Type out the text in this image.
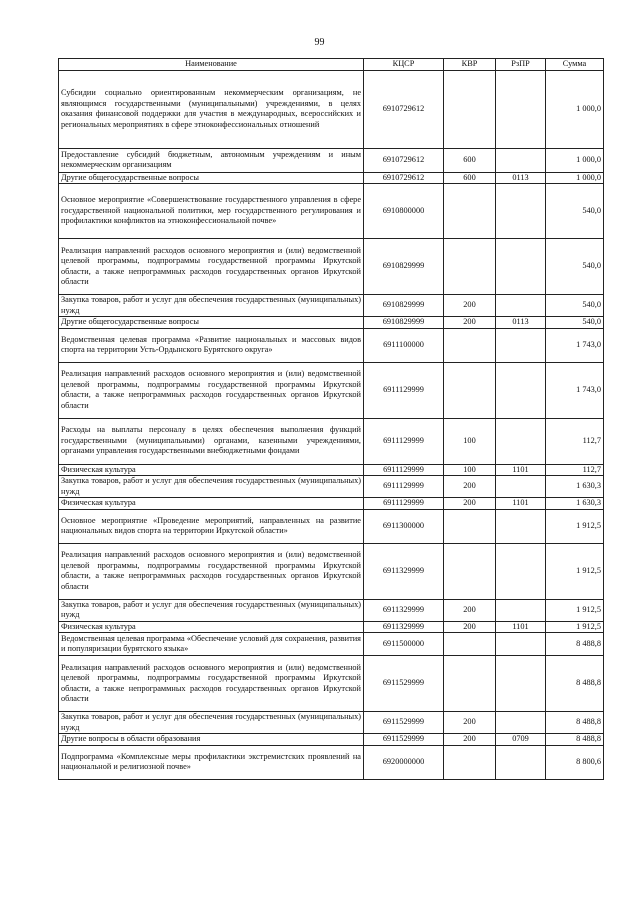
99
Наименование	КЦСР	КВР	РзПР	Сумма
Субсидии социально ориентированным некоммерческим организациям, не являющимся государственными (муниципальными) учреждениями, в целях оказания финансовой поддержки для участия в международных, всероссийских и региональных мероприятиях в сфере этноконфессиональных отношений	6910729612			1 000,0
Предоставление субсидий бюджетным, автономным учреждениям и иным некоммерческим организациям	6910729612	600		1 000,0
Другие общегосударственные вопросы	6910729612	600	0113	1 000,0
Основное мероприятие «Совершенствование государственного управления в сфере государственной национальной политики, мер государственного регулирования и профилактики конфликтов на этноконфессиональной почве»	6910800000			540,0
Реализация направлений расходов основного мероприятия и (или) ведомственной целевой программы, подпрограммы государственной программы Иркутской области, а также непрограммных расходов государственных органов Иркутской области	6910829999			540,0
Закупка товаров, работ и услуг для обеспечения государственных (муниципальных) нужд	6910829999	200		540,0
Другие общегосударственные вопросы	6910829999	200	0113	540,0
Ведомственная целевая программа «Развитие национальных и массовых видов спорта на территории Усть-Ордынского Бурятского округа»	6911100000			1 743,0
Реализация направлений расходов основного мероприятия и (или) ведомственной целевой программы, подпрограммы государственной программы Иркутской области, а также непрограммных расходов государственных органов Иркутской области	6911129999			1 743,0
Расходы на выплаты персоналу в целях обеспечения выполнения функций государственными (муниципальными) органами, казенными учреждениями, органами управления государственными внебюджетными фондами	6911129999	100		112,7
Физическая культура	6911129999	100	1101	112,7
Закупка товаров, работ и услуг для обеспечения государственных (муниципальных) нужд	6911129999	200		1 630,3
Физическая культура	6911129999	200	1101	1 630,3
Основное мероприятие «Проведение мероприятий, направленных на развитие национальных видов спорта на территории Иркутской области»	6911300000			1 912,5
Реализация направлений расходов основного мероприятия и (или) ведомственной целевой программы, подпрограммы государственной программы Иркутской области, а также непрограммных расходов государственных органов Иркутской области	6911329999			1 912,5
Закупка товаров, работ и услуг для обеспечения государственных (муниципальных) нужд	6911329999	200		1 912,5
Физическая культура	6911329999	200	1101	1 912,5
Ведомственная целевая программа «Обеспечение условий для сохранения, развития и популяризации бурятского языка»	6911500000			8 488,8
Реализация направлений расходов основного мероприятия и (или) ведомственной целевой программы, подпрограммы государственной программы Иркутской области, а также непрограммных расходов государственных органов Иркутской области	6911529999			8 488,8
Закупка товаров, работ и услуг для обеспечения государственных (муниципальных) нужд	6911529999	200		8 488,8
Другие вопросы в области образования	6911529999	200	0709	8 488,8
Подпрограмма «Комплексные меры профилактики экстремистских проявлений на национальной и религиозной почве»	6920000000			8 800,6
